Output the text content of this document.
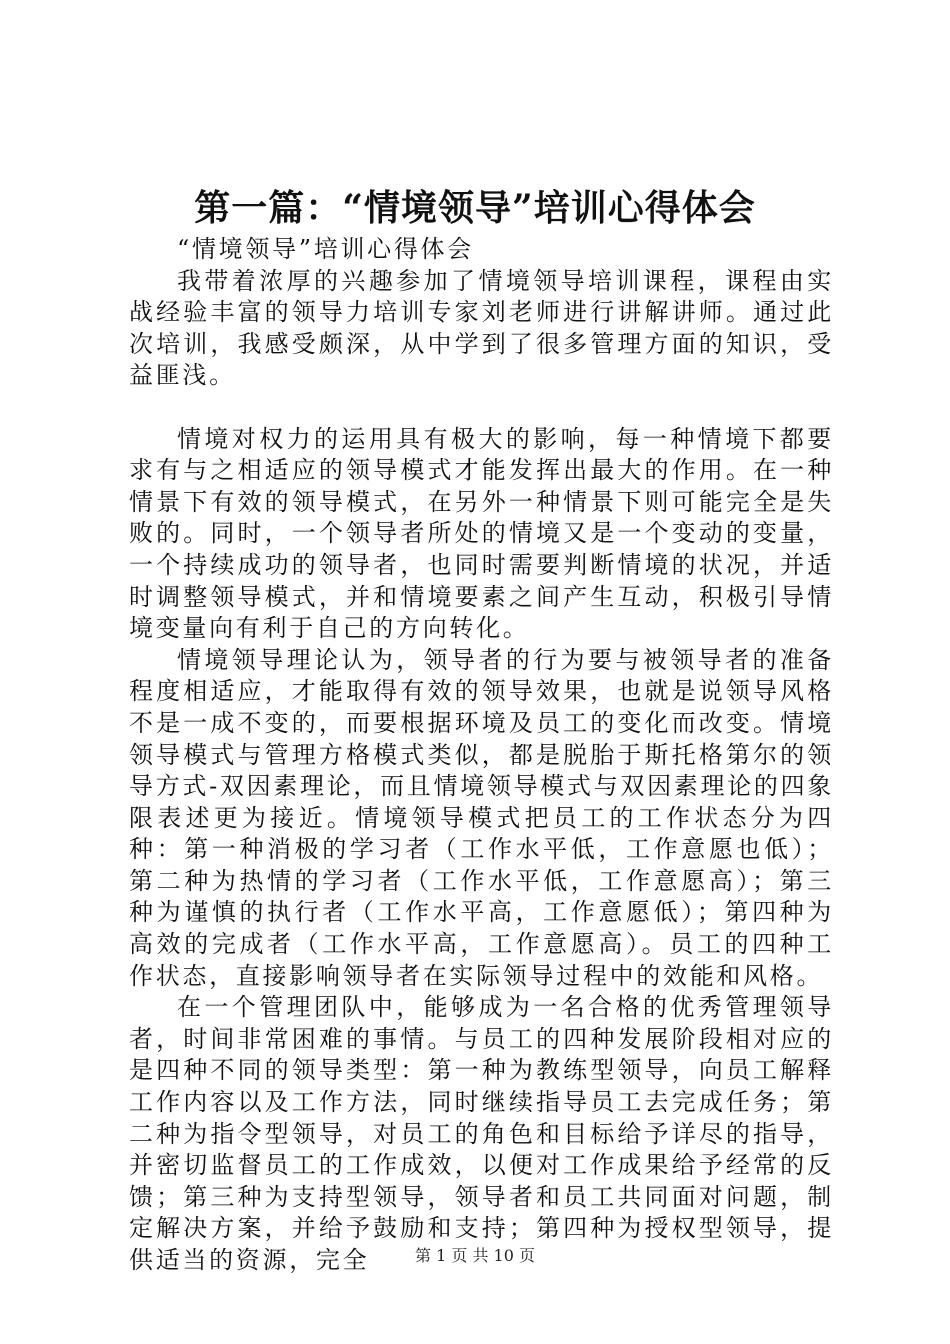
第一篇：“情境领导”培训心得体会

“情境领导”培训心得体会

我带着浓厚的兴趣参加了情境领导培训课程，课程由实战经验丰富的领导力培训专家刘老师进行讲解讲师。通过此次培训，我感受颇深，从中学到了很多管理方面的知识，受益匪浅。

情境对权力的运用具有极大的影响，每一种情境下都要求有与之相适应的领导模式才能发挥出最大的作用。在一种情景下有效的领导模式，在另外一种情景下则可能完全是失败的。同时，一个领导者所处的情境又是一个变动的变量，一个持续成功的领导者，也同时需要判断情境的状况，并适时调整领导模式，并和情境要素之间产生互动，积极引导情境变量向有利于自己的方向转化。

情境领导理论认为，领导者的行为要与被领导者的准备程度相适应，才能取得有效的领导效果，也就是说领导风格不是一成不变的，而要根据环境及员工的变化而改变。情境领导模式与管理方格模式类似，都是脱胎于斯托格第尔的领导方式-双因素理论，而且情境领导模式与双因素理论的四象限表述更为接近。情境领导模式把员工的工作状态分为四种：第一种消极的学习者（工作水平低，工作意愿也低）；第二种为热情的学习者（工作水平低，工作意愿高）；第三种为谨慎的执行者（工作水平高，工作意愿低）；第四种为高效的完成者（工作水平高，工作意愿高）。员工的四种工作状态，直接影响领导者在实际领导过程中的效能和风格。

在一个管理团队中，能够成为一名合格的优秀管理领导者，时间非常困难的事情。与员工的四种发展阶段相对应的是四种不同的领导类型：第一种为教练型领导，向员工解释工作内容以及工作方法，同时继续指导员工去完成任务；第二种为指令型领导，对员工的角色和目标给予详尽的指导，并密切监督员工的工作成效，以便对工作成果给予经常的反馈；第三种为支持型领导，领导者和员工共同面对问题，制定解决方案，并给予鼓励和支持；第四种为授权型领导，提供适当的资源，完全	第 1 页 共 10 页
